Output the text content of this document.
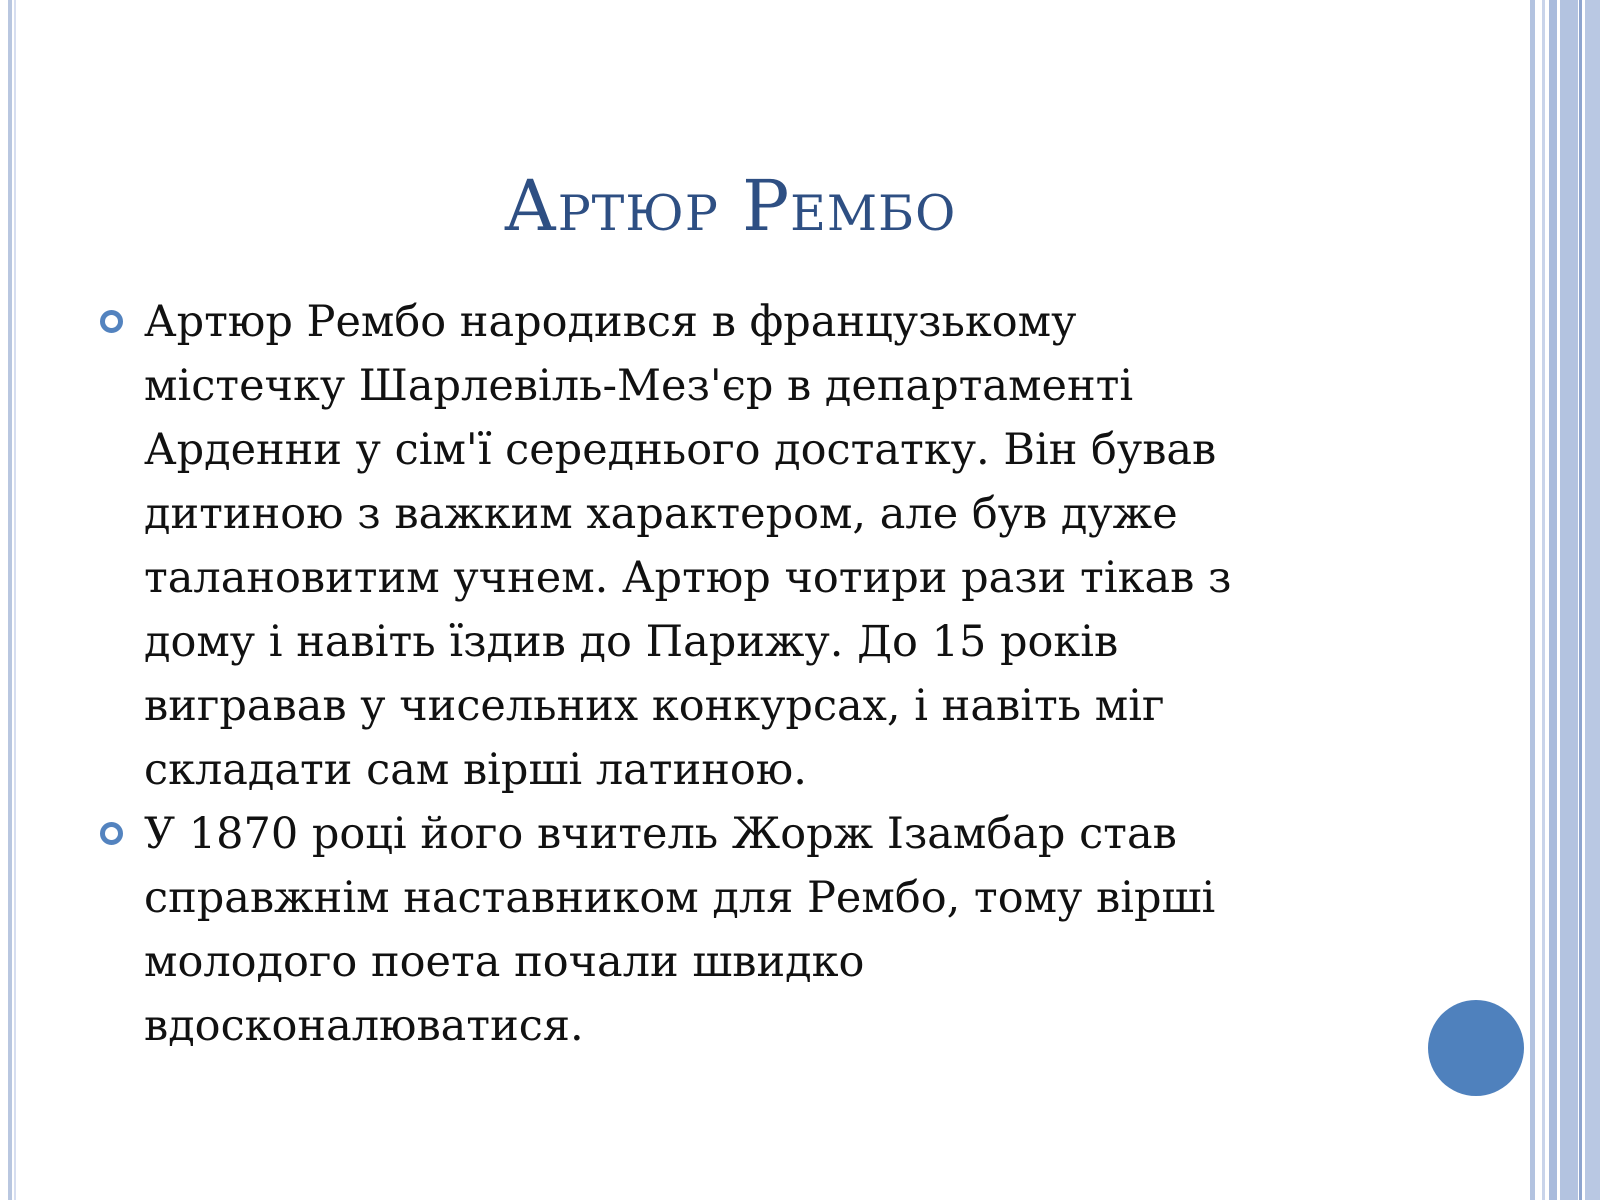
Артюр Рембо
Артюр Рембо народився в французькому
містечку Шарлевіль-Мез'єр в департаменті
Арденни у сім'ї середнього достатку. Він бував
дитиною з важким характером, але був дуже
талановитим учнем. Артюр чотири рази тікав з
дому і навіть їздив до Парижу. До 15 років
вигравав у чисельних конкурсах, і навіть міг
складати сам вірші латиною.
У 1870 році його вчитель Жорж Ізамбар став
справжнім наставником для Рембо, тому вірші
молодого поета почали швидко
вдосконалюватися.
